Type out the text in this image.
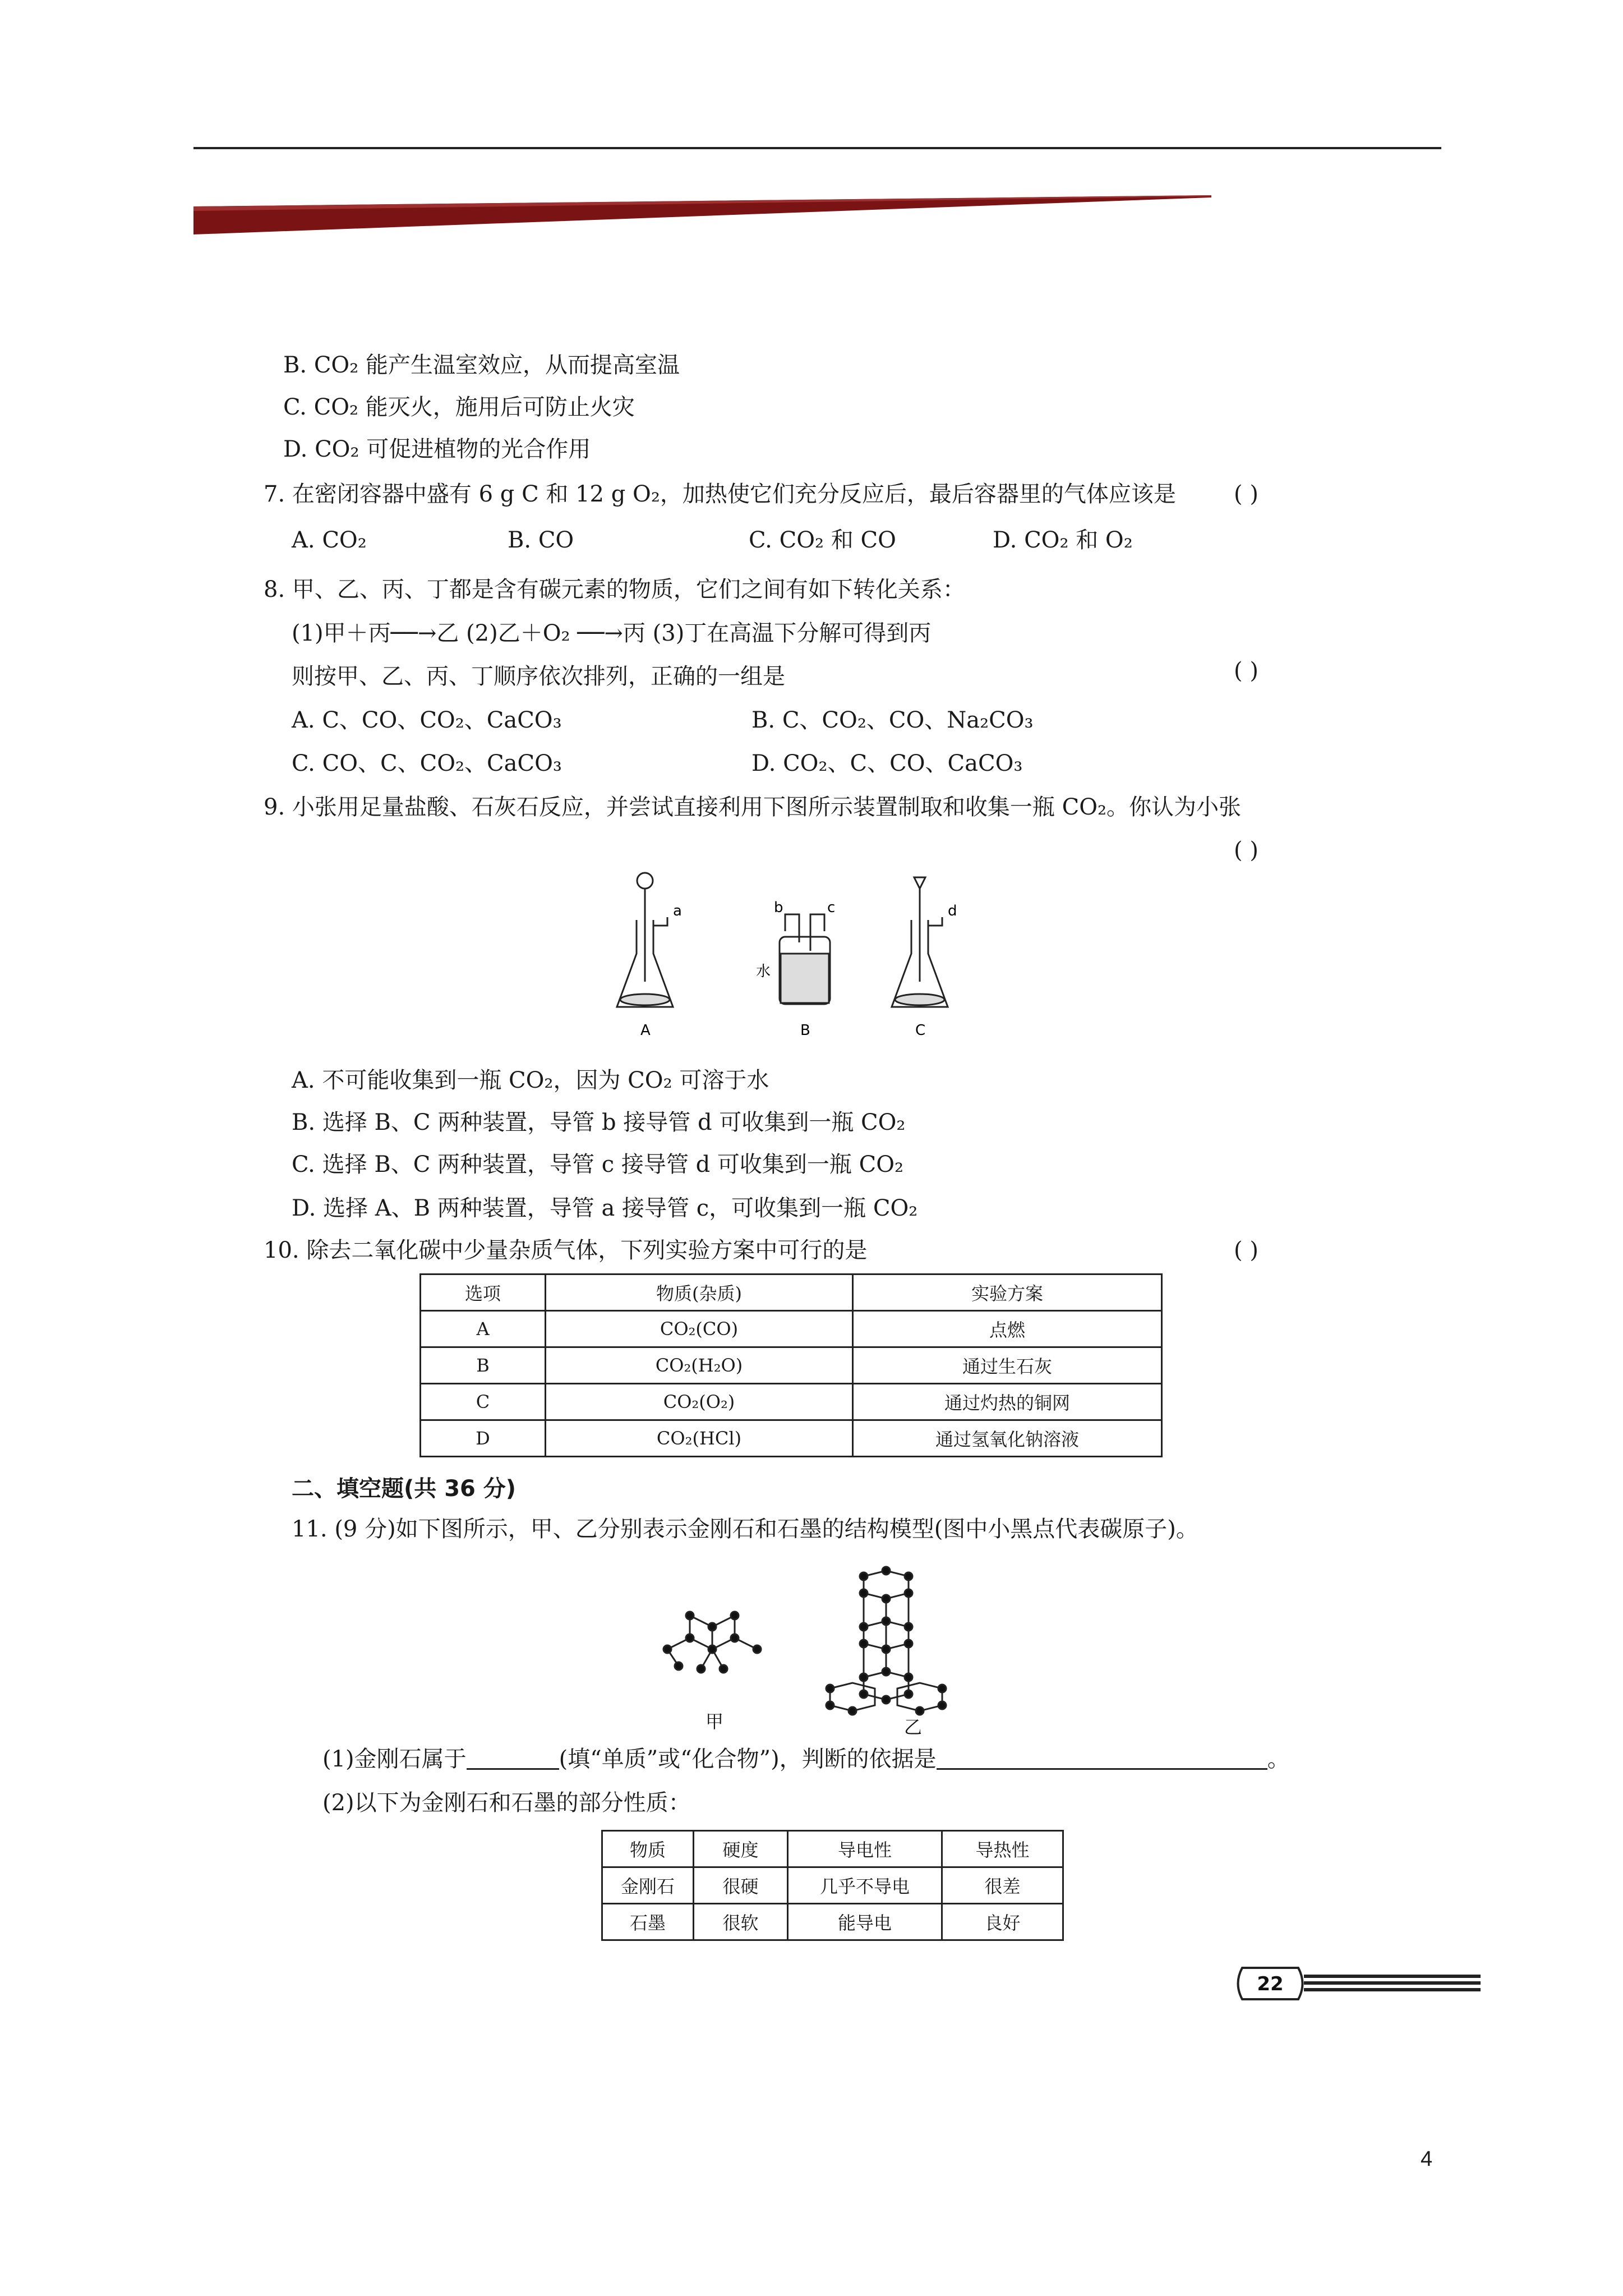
B. CO₂ 能产生温室效应，从而提高室温
C. CO₂ 能灭火，施用后可防止火灾
D. CO₂ 可促进植物的光合作用
7. 在密闭容器中盛有 6 g C 和 12 g O₂，加热使它们充分反应后，最后容器里的气体应该是	( )
A. CO₂	B. CO	C. CO₂ 和 CO	D. CO₂ 和 O₂
8. 甲、乙、丙、丁都是含有碳元素的物质，它们之间有如下转化关系：
(1)甲＋丙──→乙 (2)乙＋O₂ ──→丙 (3)丁在高温下分解可得到丙
则按甲、乙、丙、丁顺序依次排列，正确的一组是	( )
A. C、CO、CO₂、CaCO₃	B. C、CO₂、CO、Na₂CO₃
C. CO、C、CO₂、CaCO₃	D. CO₂、C、CO、CaCO₃
9. 小张用足量盐酸、石灰石反应，并尝试直接利用下图所示装置制取和收集一瓶 CO₂。你认为小张
( )
a	b	c	d
水
A	B	C
A. 不可能收集到一瓶 CO₂，因为 CO₂ 可溶于水
B. 选择 B、C 两种装置，导管 b 接导管 d 可收集到一瓶 CO₂
C. 选择 B、C 两种装置，导管 c 接导管 d 可收集到一瓶 CO₂
D. 选择 A、B 两种装置，导管 a 接导管 c，可收集到一瓶 CO₂
10. 除去二氧化碳中少量杂质气体，下列实验方案中可行的是	( )
选项	物质(杂质)	实验方案
A	CO₂(CO)	点燃
B	CO₂(H₂O)	通过生石灰
C	CO₂(O₂)	通过灼热的铜网
D	CO₂(HCl)	通过氢氧化钠溶液
二、填空题(共 36 分)
11. (9 分)如下图所示，甲、乙分别表示金刚石和石墨的结构模型(图中小黑点代表碳原子)。
甲	乙
(1)金刚石属于	(填“单质”或“化合物”)，判断的依据是	。
(2)以下为金刚石和石墨的部分性质：
物质	硬度	导电性	导热性
金刚石	很硬	几乎不导电	很差
石墨	很软	能导电	良好
22
4
